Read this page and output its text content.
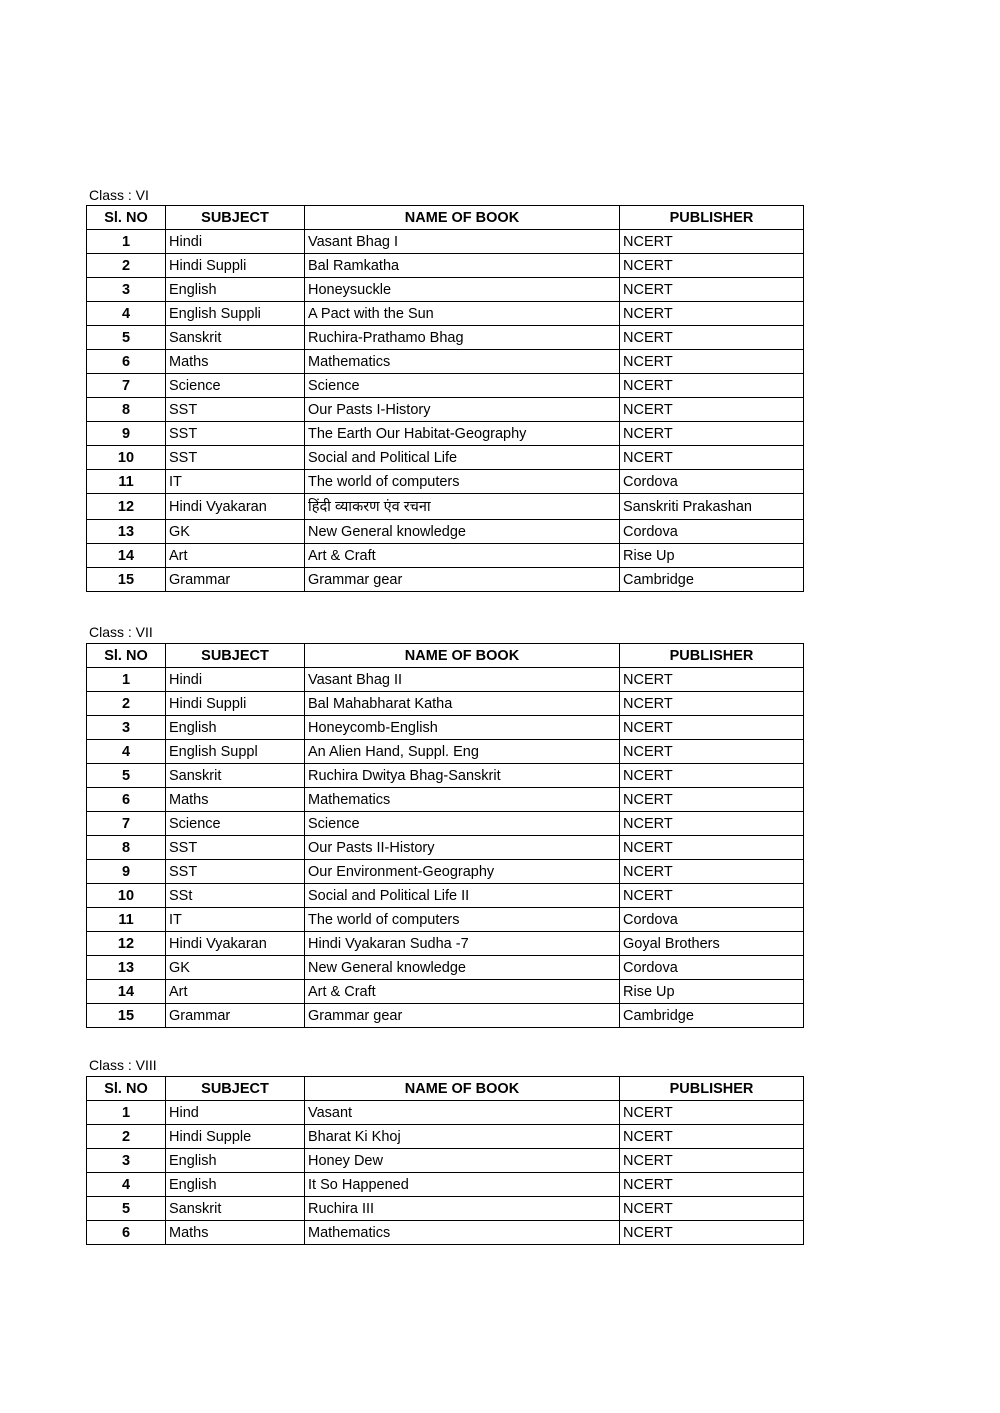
Class : VI
Sl. NO	SUBJECT	NAME OF BOOK	PUBLISHER
1	Hindi	Vasant Bhag I	NCERT
2	Hindi Suppli	Bal Ramkatha	NCERT
3	English	Honeysuckle	NCERT
4	English Suppli	A Pact with the Sun	NCERT
5	Sanskrit	Ruchira-Prathamo Bhag	NCERT
6	Maths	Mathematics	NCERT
7	Science	Science	NCERT
8	SST	Our Pasts I-History	NCERT
9	SST	The Earth Our Habitat-Geography	NCERT
10	SST	Social and Political Life	NCERT
11	IT	The world of computers	Cordova
12	Hindi Vyakaran	हिंदी व्याकरण एंव रचना	Sanskriti Prakashan
13	GK	New General knowledge	Cordova
14	Art	Art & Craft	Rise Up
15	Grammar	Grammar gear	Cambridge
Class : VII
Sl. NO	SUBJECT	NAME OF BOOK	PUBLISHER
1	Hindi	Vasant Bhag II	NCERT
2	Hindi Suppli	Bal Mahabharat Katha	NCERT
3	English	Honeycomb-English	NCERT
4	English Suppl	An Alien Hand, Suppl. Eng	NCERT
5	Sanskrit	Ruchira Dwitya Bhag-Sanskrit	NCERT
6	Maths	Mathematics	NCERT
7	Science	Science	NCERT
8	SST	Our Pasts II-History	NCERT
9	SST	Our Environment-Geography	NCERT
10	SSt	Social and Political Life II	NCERT
11	IT	The world of computers	Cordova
12	Hindi Vyakaran	Hindi Vyakaran Sudha -7	Goyal Brothers
13	GK	New General knowledge	Cordova
14	Art	Art & Craft	Rise Up
15	Grammar	Grammar gear	Cambridge
Class : VIII
Sl. NO	SUBJECT	NAME OF BOOK	PUBLISHER
1	Hind	Vasant	NCERT
2	Hindi Supple	Bharat Ki Khoj	NCERT
3	English	Honey Dew	NCERT
4	English	It So Happened	NCERT
5	Sanskrit	Ruchira III	NCERT
6	Maths	Mathematics	NCERT
